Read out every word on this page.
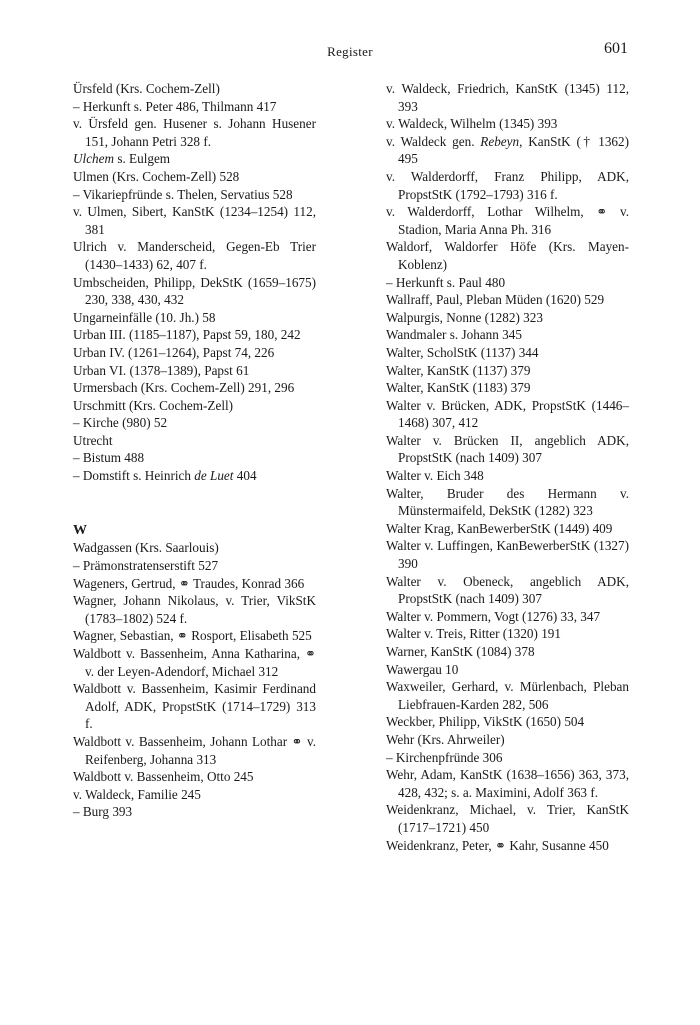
Register	601
Ürsfeld (Krs. Cochem-Zell)
– Herkunft s. Peter 486, Thilmann 417
v. Ürsfeld gen. Husener s. Johann Husener 151, Johann Petri 328 f.
Ulchem s. Eulgem
Ulmen (Krs. Cochem-Zell) 528
– Vikariepfründe s. Thelen, Servatius 528
v. Ulmen, Sibert, KanStK (1234–1254) 112, 381
Ulrich v. Manderscheid, Gegen-Eb Trier (1430–1433) 62, 407 f.
Umbscheiden, Philipp, DekStK (1659–1675) 230, 338, 430, 432
Ungarneinfälle (10. Jh.) 58
Urban III. (1185–1187), Papst 59, 180, 242
Urban IV. (1261–1264), Papst 74, 226
Urban VI. (1378–1389), Papst 61
Urmersbach (Krs. Cochem-Zell) 291, 296
Urschmitt (Krs. Cochem-Zell)
– Kirche (980) 52
Utrecht
– Bistum 488
– Domstift s. Heinrich de Luet 404
W
Wadgassen (Krs. Saarlouis)
– Prämonstratenserstift 527
Wageners, Gertrud, ⚭ Traudes, Konrad 366
Wagner, Johann Nikolaus, v. Trier, VikStK (1783–1802) 524 f.
Wagner, Sebastian, ⚭ Rosport, Elisabeth 525
Waldbott v. Bassenheim, Anna Katharina, ⚭ v. der Leyen-Adendorf, Michael 312
Waldbott v. Bassenheim, Kasimir Ferdinand Adolf, ADK, PropstStK (1714–1729) 313 f.
Waldbott v. Bassenheim, Johann Lothar ⚭ v. Reifenberg, Johanna 313
Waldbott v. Bassenheim, Otto 245
v. Waldeck, Familie 245
– Burg 393
v. Waldeck, Friedrich, KanStK (1345) 112, 393
v. Waldeck, Wilhelm (1345) 393
v. Waldeck gen. Rebeyn, KanStK († 1362) 495
v. Walderdorff, Franz Philipp, ADK, PropstStK (1792–1793) 316 f.
v. Walderdorff, Lothar Wilhelm, ⚭ v. Stadion, Maria Anna Ph. 316
Waldorf, Waldorfer Höfe (Krs. Mayen-Koblenz)
– Herkunft s. Paul 480
Wallraff, Paul, Pleban Müden (1620) 529
Walpurgis, Nonne (1282) 323
Wandmaler s. Johann 345
Walter, ScholStK (1137) 344
Walter, KanStK (1137) 379
Walter, KanStK (1183) 379
Walter v. Brücken, ADK, PropstStK (1446–1468) 307, 412
Walter v. Brücken II, angeblich ADK, PropstStK (nach 1409) 307
Walter v. Eich 348
Walter, Bruder des Hermann v. Münstermaifeld, DekStK (1282) 323
Walter Krag, KanBewerberStK (1449) 409
Walter v. Luffingen, KanBewerberStK (1327) 390
Walter v. Obeneck, angeblich ADK, PropstStK (nach 1409) 307
Walter v. Pommern, Vogt (1276) 33, 347
Walter v. Treis, Ritter (1320) 191
Warner, KanStK (1084) 378
Wawergau 10
Waxweiler, Gerhard, v. Mürlenbach, Pleban Liebfrauen-Karden 282, 506
Weckber, Philipp, VikStK (1650) 504
Wehr (Krs. Ahrweiler)
– Kirchenpfründe 306
Wehr, Adam, KanStK (1638–1656) 363, 373, 428, 432; s. a. Maximini, Adolf 363 f.
Weidenkranz, Michael, v. Trier, KanStK (1717–1721) 450
Weidenkranz, Peter, ⚭ Kahr, Susanne 450
